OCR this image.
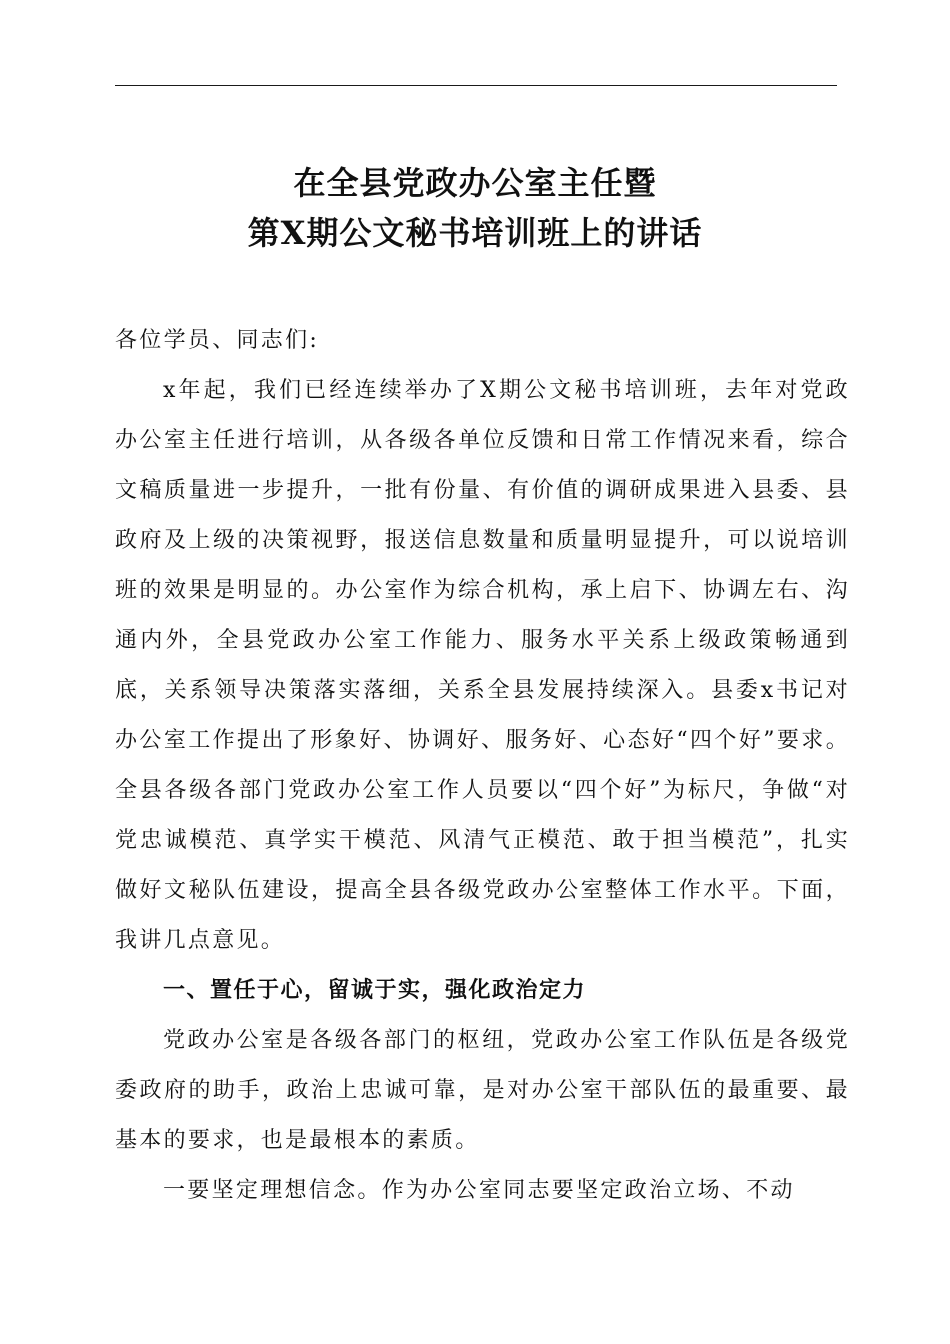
在全县党政办公室主任暨
第X期公文秘书培训班上的讲话

各位学员、同志们:

x年起，我们已经连续举办了X期公文秘书培训班，去年对党政办公室主任进行培训，从各级各单位反馈和日常工作情况来看，综合文稿质量进一步提升，一批有份量、有价值的调研成果进入县委、县政府及上级的决策视野，报送信息数量和质量明显提升，可以说培训班的效果是明显的。办公室作为综合机构，承上启下、协调左右、沟通内外，全县党政办公室工作能力、服务水平关系上级政策畅通到底，关系领导决策落实落细，关系全县发展持续深入。县委x书记对办公室工作提出了形象好、协调好、服务好、心态好“四个好”要求。全县各级各部门党政办公室工作人员要以“四个好”为标尺，争做“对党忠诚模范、真学实干模范、风清气正模范、敢于担当模范”，扎实做好文秘队伍建设，提高全县各级党政办公室整体工作水平。下面，我讲几点意见。

一、置任于心，留诚于实，强化政治定力

党政办公室是各级各部门的枢纽，党政办公室工作队伍是各级党委政府的助手，政治上忠诚可靠，是对办公室干部队伍的最重要、最基本的要求，也是最根本的素质。

一要坚定理想信念。作为办公室同志要坚定政治立场、不动
